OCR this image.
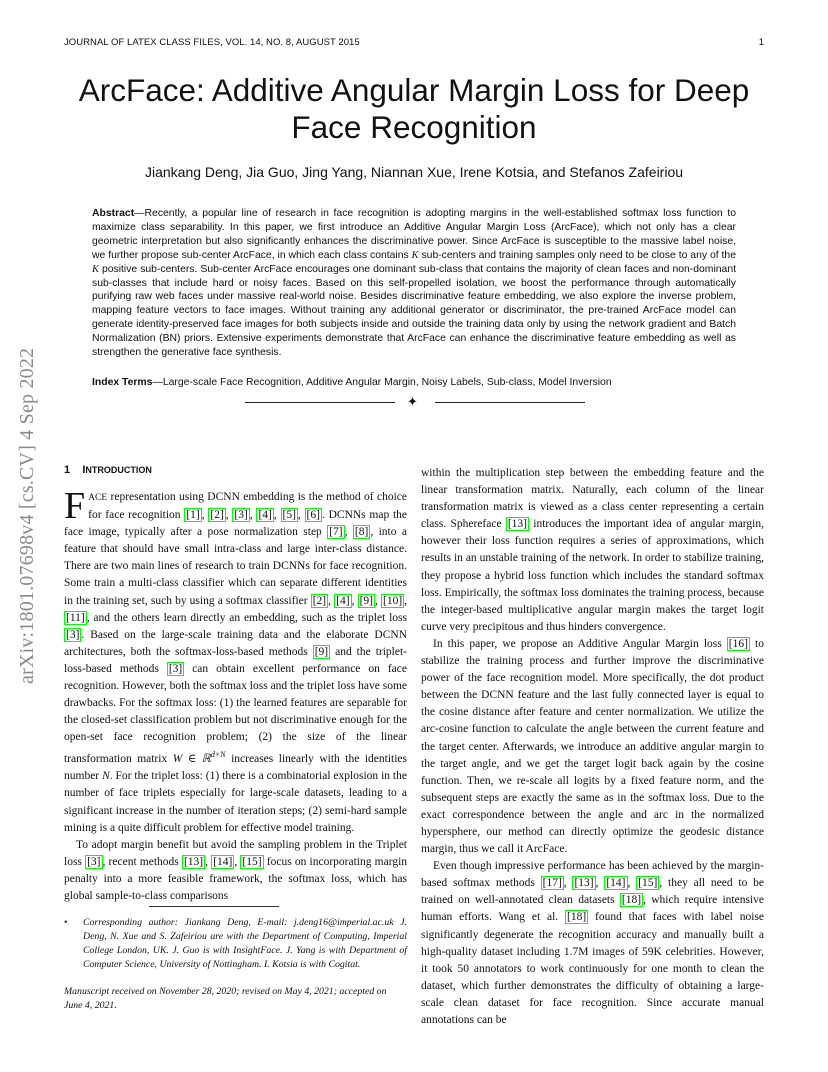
JOURNAL OF LATEX CLASS FILES, VOL. 14, NO. 8, AUGUST 2015	1
ArcFace: Additive Angular Margin Loss for Deep Face Recognition
Jiankang Deng, Jia Guo, Jing Yang, Niannan Xue, Irene Kotsia, and Stefanos Zafeiriou
Abstract—Recently, a popular line of research in face recognition is adopting margins in the well-established softmax loss function to maximize class separability. In this paper, we first introduce an Additive Angular Margin Loss (ArcFace), which not only has a clear geometric interpretation but also significantly enhances the discriminative power. Since ArcFace is susceptible to the massive label noise, we further propose sub-center ArcFace, in which each class contains K sub-centers and training samples only need to be close to any of the K positive sub-centers. Sub-center ArcFace encourages one dominant sub-class that contains the majority of clean faces and non-dominant sub-classes that include hard or noisy faces. Based on this self-propelled isolation, we boost the performance through automatically purifying raw web faces under massive real-world noise. Besides discriminative feature embedding, we also explore the inverse problem, mapping feature vectors to face images. Without training any additional generator or discriminator, the pre-trained ArcFace model can generate identity-preserved face images for both subjects inside and outside the training data only by using the network gradient and Batch Normalization (BN) priors. Extensive experiments demonstrate that ArcFace can enhance the discriminative feature embedding as well as strengthen the generative face synthesis.
Index Terms—Large-scale Face Recognition, Additive Angular Margin, Noisy Labels, Sub-class, Model Inversion
✦
arXiv:1801.07698v4 [cs.CV] 4 Sep 2022	1 INTRODUCTION

FACE representation using DCNN embedding is the method of choice for face recognition [1] , [2] , [3] , [4] , [5] , [6] . DCNNs map the face image, typically after a pose normalization step [7] , [8] , into a feature that should have small intra-class and large inter-class distance. There are two main lines of research to train DCNNs for face recognition. Some train a multi-class classifier which can separate different identities in the training set, such by using a softmax classifier [2] , [4] , [9] , [10] , [11] , and the others learn directly an embedding, such as the triplet loss [3] . Based on the large-scale training data and the elaborate DCNN architectures, both the softmax-loss-based methods [9] and the triplet-loss-based methods [3] can obtain excellent performance on face recognition. However, both the softmax loss and the triplet loss have some drawbacks. For the softmax loss: (1) the learned features are separable for the closed-set classification problem but not discriminative enough for the open-set face recognition problem; (2) the size of the linear transformation matrix W ∈ ℝ$^{d\times N}$ increases linearly with the identities number N. For the triplet loss: (1) there is a combinatorial explosion in the number of face triplets especially for large-scale datasets, leading to a significant increase in the number of iteration steps; (2) semi-hard sample mining is a quite difficult problem for effective model training.

To adopt margin benefit but avoid the sampling problem in the Triplet loss [3] , recent methods [13] , [14] , [15] focus on incorporating margin penalty into a more feasible framework, the softmax loss, which has global sample-to-class comparisons

within the multiplication step between the embedding feature and the linear transformation matrix. Naturally, each column of the linear transformation matrix is viewed as a class center representing a certain class. Sphereface [13] introduces the important idea of angular margin, however their loss function requires a series of approximations, which results in an unstable training of the network. In order to stabilize training, they propose a hybrid loss function which includes the standard softmax loss. Empirically, the softmax loss dominates the training process, because the integer-based multiplicative angular margin makes the target logit curve very precipitous and thus hinders convergence.

In this paper, we propose an Additive Angular Margin loss [16] to stabilize the training process and further improve the discriminative power of the face recognition model. More specifically, the dot product between the DCNN feature and the last fully connected layer is equal to the cosine distance after feature and center normalization. We utilize the arc-cosine function to calculate the angle between the current feature and the target center. Afterwards, we introduce an additive angular margin to the target angle, and we get the target logit back again by the cosine function. Then, we re-scale all logits by a fixed feature norm, and the subsequent steps are exactly the same as in the softmax loss. Due to the exact correspondence between the angle and arc in the normalized hypersphere, our method can directly optimize the geodesic distance margin, thus we call it ArcFace.

Even though impressive performance has been achieved by the margin-based softmax methods [17] , [13] , [14] , [15] , they all need to be trained on well-annotated clean datasets [18] , which require intensive human efforts. Wang et al. [18] found that faces with label noise significantly degenerate the recognition accuracy and manually built a high-quality dataset including 1.7M images of 59K celebrities. However, it took 50 annotators to work continuously for one month to clean the dataset, which further demonstrates the difficulty of obtaining a large-scale clean dataset for face recognition. Since accurate manual annotations can be

•	Corresponding author: Jiankang Deng, E-mail: j.deng16@imperial.ac.uk J. Deng, N. Xue and S. Zafeiriou are with the Department of Computing, Imperial College London, UK. J. Guo is with InsightFace. J. Yang is with Department of Computer Science, University of Nottingham. I. Kotsia is with Cogitat.
Manuscript received on November 28, 2020; revised on May 4, 2021; accepted on June 4, 2021.
